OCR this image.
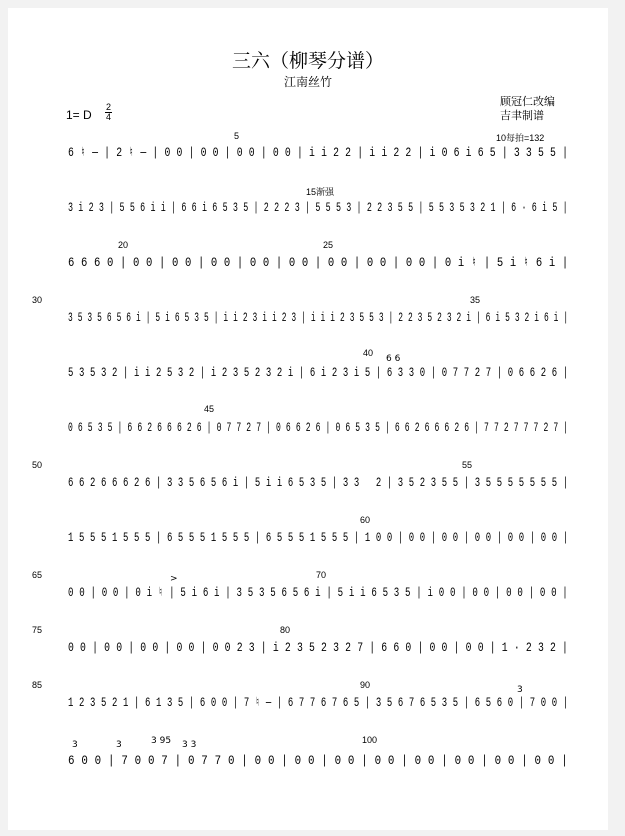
三六（柳琴分谱）
江南丝竹
顾冠仁改编
吉聿制谱
1= D
2
4
5	10每拍=132
6 ♮ — | 2 ♮ — | 0 0 | 0 0 | 0 0 | 0 0 | i i 2 2 | i i 2 2 | i 0 6 i 6 5 | 3 3 5 5 |
15渐强
3 i 2 3 | 5 5 6 i i | 6 6 i 6 5 3 5 | 2 2 2 3 | 5 5 5 3 | 2 2 3 5 5 | 5 5 3 5 3 2 1 | 6 · 6 i 5 |
20	25
6 6 6 0 | 0 0 | 0 0 | 0 0 | 0 0 | 0 0 | 0 0 | 0 0 | 0 0 | 0 i ♮ | 5 i ♮ 6 i |
30	35
3 5 3 5 6 5 6 i | 5 i 6 5 3 5 | i i 2 3 i i 2 3 | i i i 2 3 5 5 3 | 2 2 3 5 2 3 2 i | 6 i 5 3 2 i 6 i |
40
6 6
5 3 5 3 2 | i i 2 5 3 2 | i 2 3 5 2 3 2 i | 6 i 2 3 i 5 | 6 3 3 0 | 0 7 7 2 7 | 0 6 6 2 6 |
45
0 6 5 3 5 | 6 6 2 6 6 6 2 6 | 0 7 7 2 7 | 0 6 6 2 6 | 0 6 5 3 5 | 6 6 2 6 6 6 2 6 | 7 7 2 7 7 7 2 7 |
50	55
6 6 2 6 6 6 2 6 | 3 3 5 6 5 6 i | 5 i i 6 5 3 5 | 3 3   2 | 3 5 2 3 5 5 | 3 5 5 5 5 5 5 5 |
60
1 5 5 5 1 5 5 5 | 6 5 5 5 1 5 5 5 | 6 5 5 5 1 5 5 5 | 1 0 0 | 0 0 | 0 0 | 0 0 | 0 0 | 0 0 |
65	70
>
0 0 | 0 0 | 0 i ♮ | 5 i 6 i | 3 5 3 5 6 5 6 i | 5 i i 6 5 3 5 | i 0 0 | 0 0 | 0 0 | 0 0 |
75	80
0 0 | 0 0 | 0 0 | 0 0 | 0 0 2 3 | i 2 3 5 2 3 2 7 | 6 6 0 | 0 0 | 0 0 | 1 · 2 3 2 |
85	90	3
1 2 3 5 2 1 | 6 1 3 5 | 6 0 0 | 7 ♮ — | 6 7 7 6 7 6 5 | 3 5 6 7 6 5 3 5 | 6 5 6 0 | 7 0 0 |
3	3	3 95 3 3	100
6 0 0 | 7 0 0 7 | 0 7 7 0 | 0 0 | 0 0 | 0 0 | 0 0 | 0 0 | 0 0 | 0 0 | 0 0 |
